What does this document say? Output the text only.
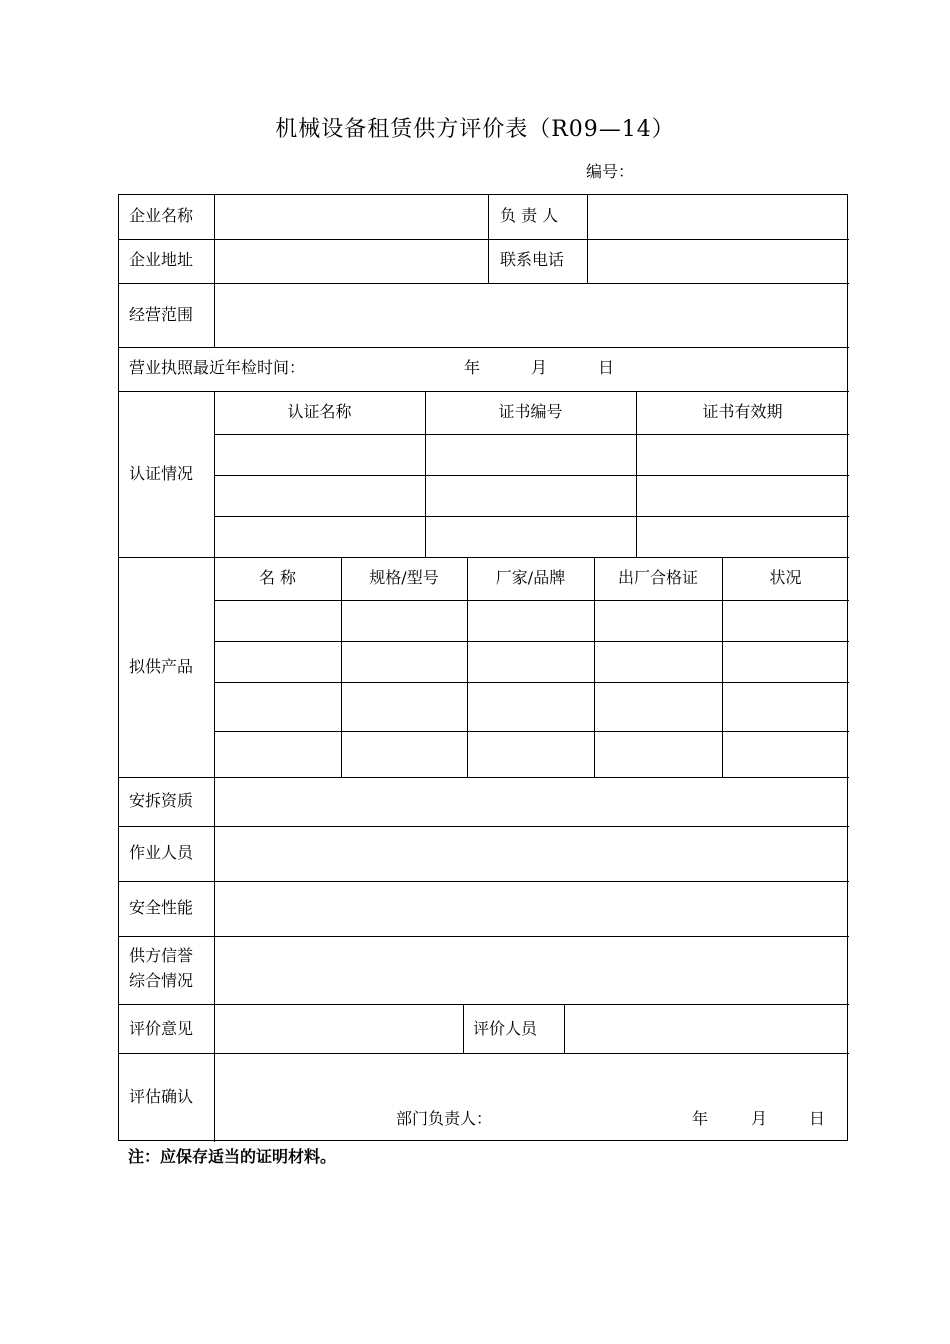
机械设备租赁供方评价表（R09—14）
编号：
企业名称	负 责 人
企业地址	联系电话
经营范围
营业执照最近年检时间：	年	月	日
认证情况
认证名称	证书编号	证书有效期
拟供产品
名 称	规格/型号	厂家/品牌	出厂合格证	状况
安拆资质
作业人员
安全性能
供方信誉
综合情况
评价意见	评价人员
评估确认
部门负责人：	年	月	日
注：应保存适当的证明材料。
